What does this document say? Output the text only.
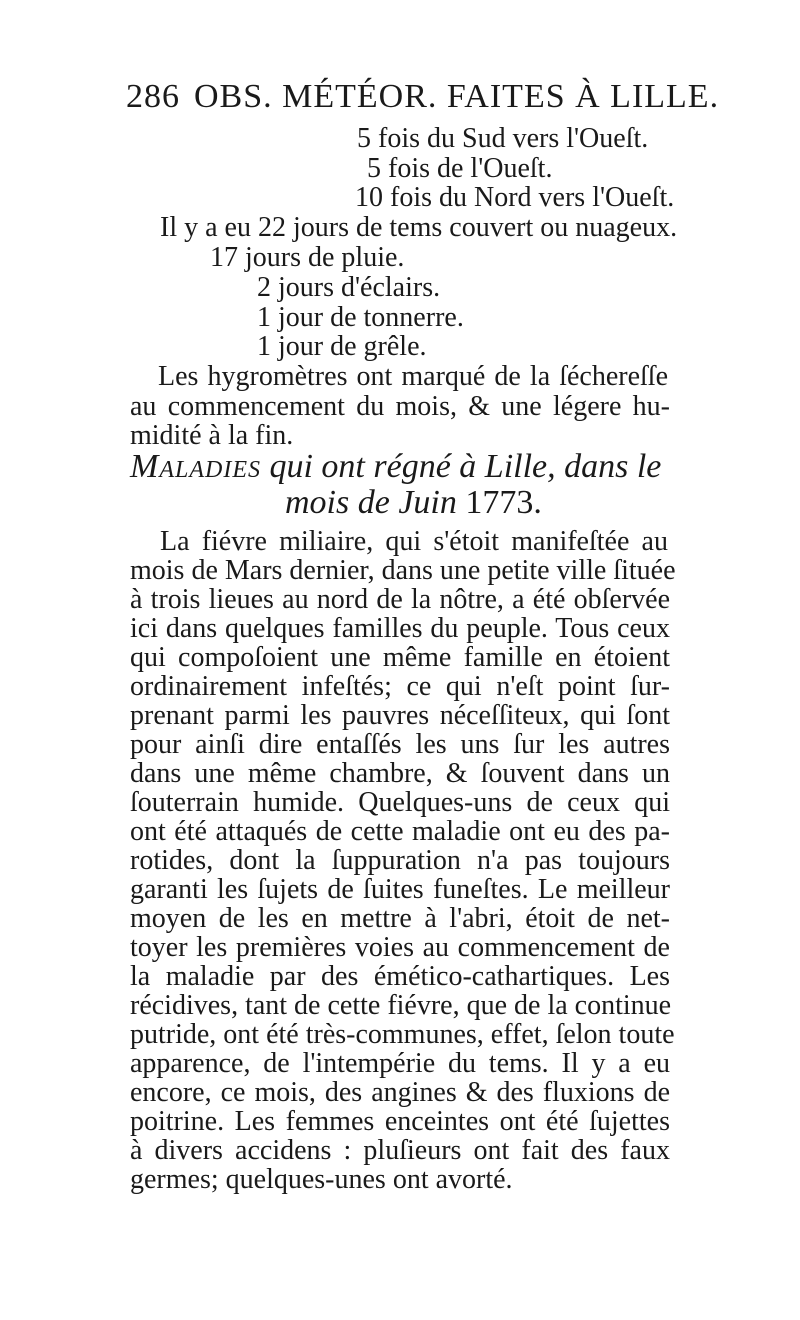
286 OBS. MÉTÉOR. FAITES À LILLE.
5 fois du Sud vers l'Oueſt.
5 fois de l'Oueſt.
10 fois du Nord vers l'Oueſt.
Il y a eu 22 jours de tems couvert ou nuageux.
17 jours de pluie.
2 jours d'éclairs.
1 jour de tonnerre.
1 jour de grêle.
Les hygromètres ont marqué de la ſéchereſſe
au commencement du mois, & une légere hu-
midité à la fin.
Maladies qui ont régné à Lille, dans le
mois de Juin 1773.
La fiévre miliaire, qui s'étoit manifeſtée au
mois de Mars dernier, dans une petite ville ſituée
à trois lieues au nord de la nôtre, a été obſervée
ici dans quelques familles du peuple. Tous ceux
qui compoſoient une même famille en étoient
ordinairement infeſtés; ce qui n'eſt point ſur-
prenant parmi les pauvres néceſſiteux, qui ſont
pour ainſi dire entaſſés les uns ſur les autres
dans une même chambre, & ſouvent dans un
ſouterrain humide. Quelques-uns de ceux qui
ont été attaqués de cette maladie ont eu des pa-
rotides, dont la ſuppuration n'a pas toujours
garanti les ſujets de ſuites funeſtes. Le meilleur
moyen de les en mettre à l'abri, étoit de net-
toyer les premières voies au commencement de
la maladie par des émético-cathartiques. Les
récidives, tant de cette fiévre, que de la continue
putride, ont été très-communes, effet, ſelon toute
apparence, de l'intempérie du tems. Il y a eu
encore, ce mois, des angines & des fluxions de
poitrine. Les femmes enceintes ont été ſujettes
à divers accidens : pluſieurs ont fait des faux
germes; quelques-unes ont avorté.
